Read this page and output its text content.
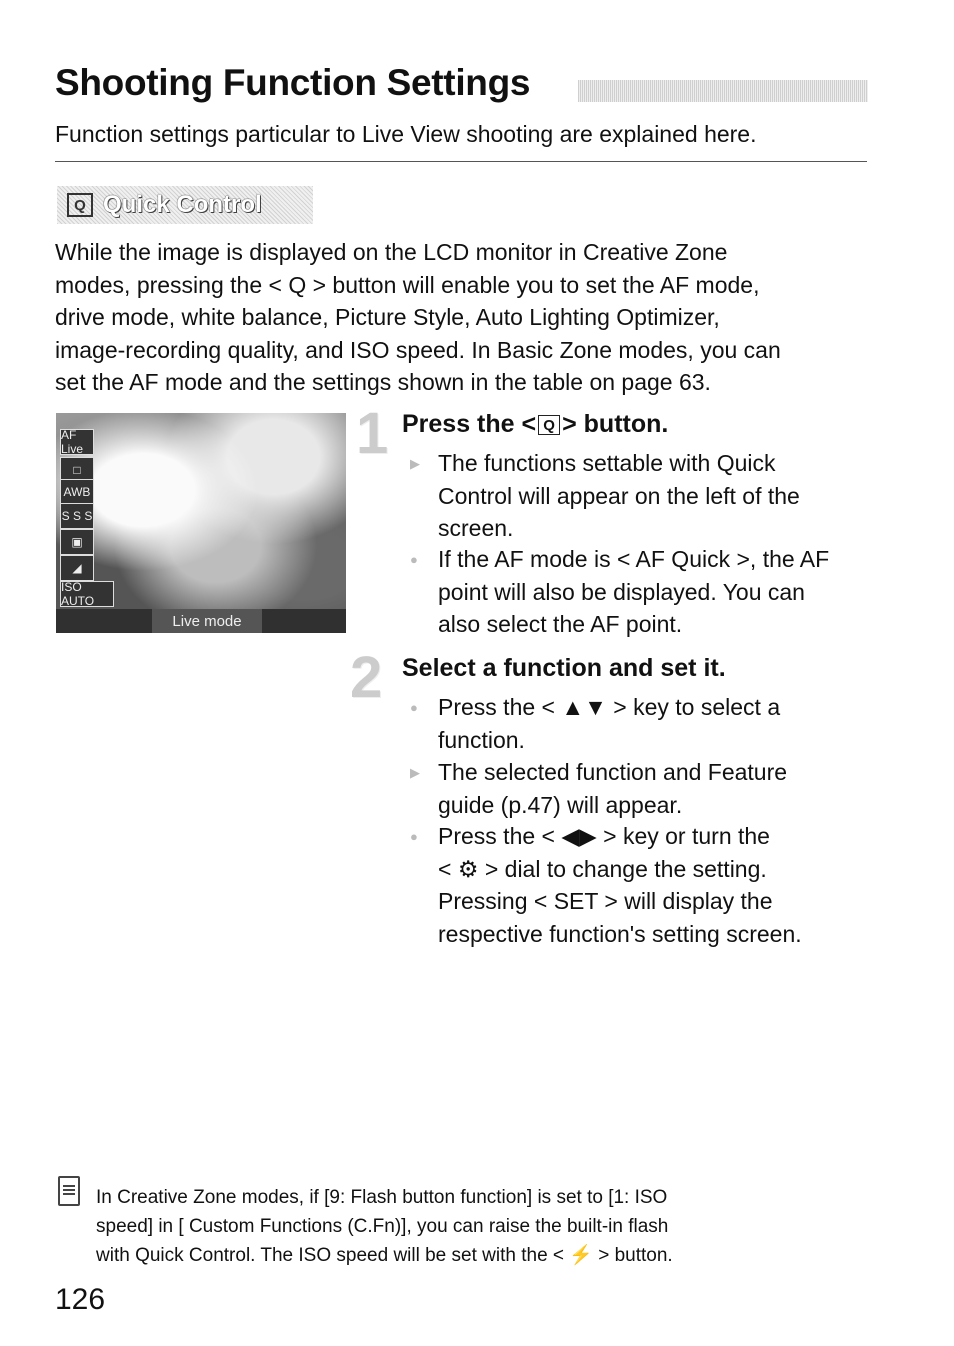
Shooting Function Settings
Function settings particular to Live View shooting are explained here.
Q Quick Control
While the image is displayed on the LCD monitor in Creative Zone
modes, pressing the < Q > button will enable you to set the AF mode,
drive mode, white balance, Picture Style, Auto Lighting Optimizer,
image-recording quality, and ISO speed. In Basic Zone modes, you can
set the AF mode and the settings shown in the table on page 63.
AF Live
□
AWB
S S S
▣
◢
ISO AUTO
Live mode
1 Press the < Q > button.
▶ The functions settable with Quick
Control will appear on the left of the
screen.
● If the AF mode is < AF Quick >, the AF
point will also be displayed. You can
also select the AF point.
2 Select a function and set it.
● Press the < ▲▼ > key to select a
function.
▶ The selected function and Feature
guide (p.47) will appear.
● Press the < ◀▶ > key or turn the
< ⚙ > dial to change the setting.
Pressing < SET > will display the
respective function's setting screen.
In Creative Zone modes, if [9: Flash button function] is set to [1: ISO
speed] in [ Custom Functions (C.Fn)], you can raise the built-in flash
with Quick Control. The ISO speed will be set with the < ⚡ > button.
126
